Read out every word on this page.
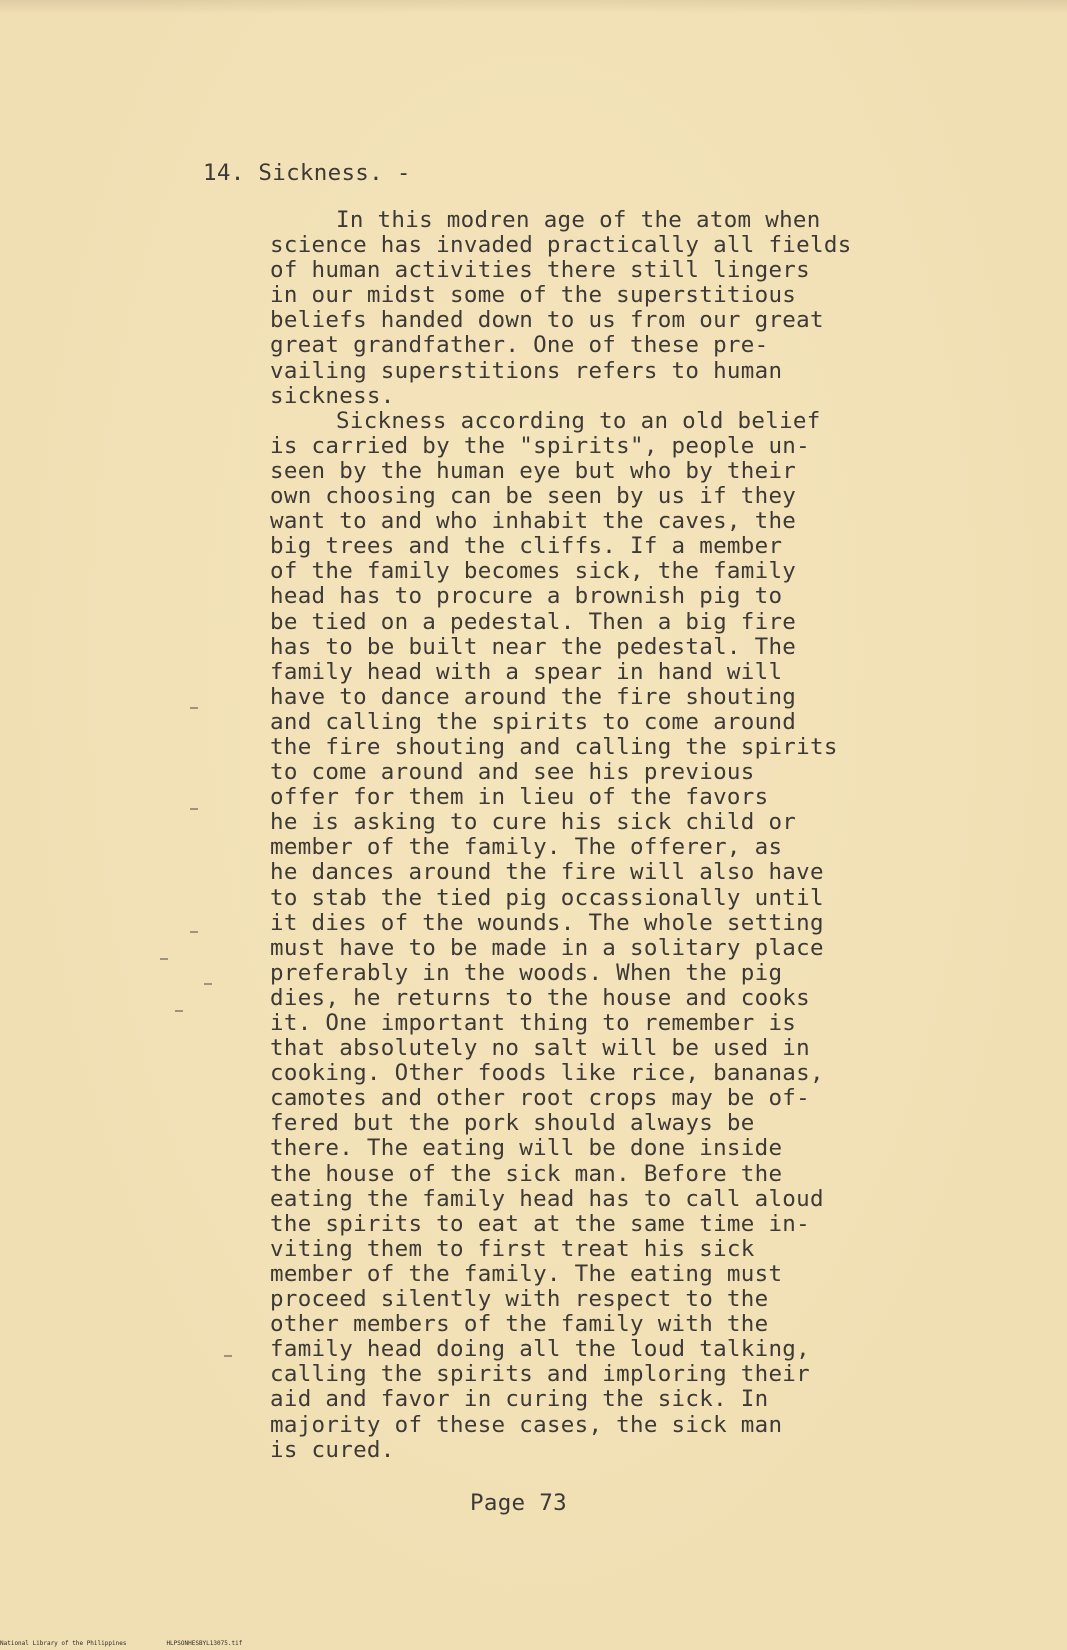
14. Sickness. -

In this modren age of the atom when
science has invaded practically all fields
of human activities there still lingers
in our midst some of the superstitious
beliefs handed down to us from our great
great grandfather. One of these pre-
vailing superstitions refers to human
sickness.

Sickness according to an old belief
is carried by the "spirits", people un-
seen by the human eye but who by their
own choosing can be seen by us if they
want to and who inhabit the caves, the
big trees and the cliffs. If a member
of the family becomes sick, the family
head has to procure a brownish pig to
be tied on a pedestal. Then a big fire
has to be built near the pedestal. The
family head with a spear in hand will
have to dance around the fire shouting
and calling the spirits to come around
the fire shouting and calling the spirits
to come around and see his previous
offer for them in lieu of the favors
he is asking to cure his sick child or
member of the family. The offerer, as
he dances around the fire will also have
to stab the tied pig occassionally until
it dies of the wounds. The whole setting
must have to be made in a solitary place
preferably in the woods. When the pig
dies, he returns to the house and cooks
it. One important thing to remember is
that absolutely no salt will be used in
cooking. Other foods like rice, bananas,
camotes and other root crops may be of-
fered but the pork should always be
there. The eating will be done inside
the house of the sick man. Before the
eating the family head has to call aloud
the spirits to eat at the same time in-
viting them to first treat his sick
member of the family. The eating must
proceed silently with respect to the
other members of the family with the
family head doing all the loud talking,
calling the spirits and imploring their
aid and favor in curing the sick. In
majority of these cases, the sick man
is cured.

Page 73
National Library of the Philippines	HLPSONHESBYL13075.tif
